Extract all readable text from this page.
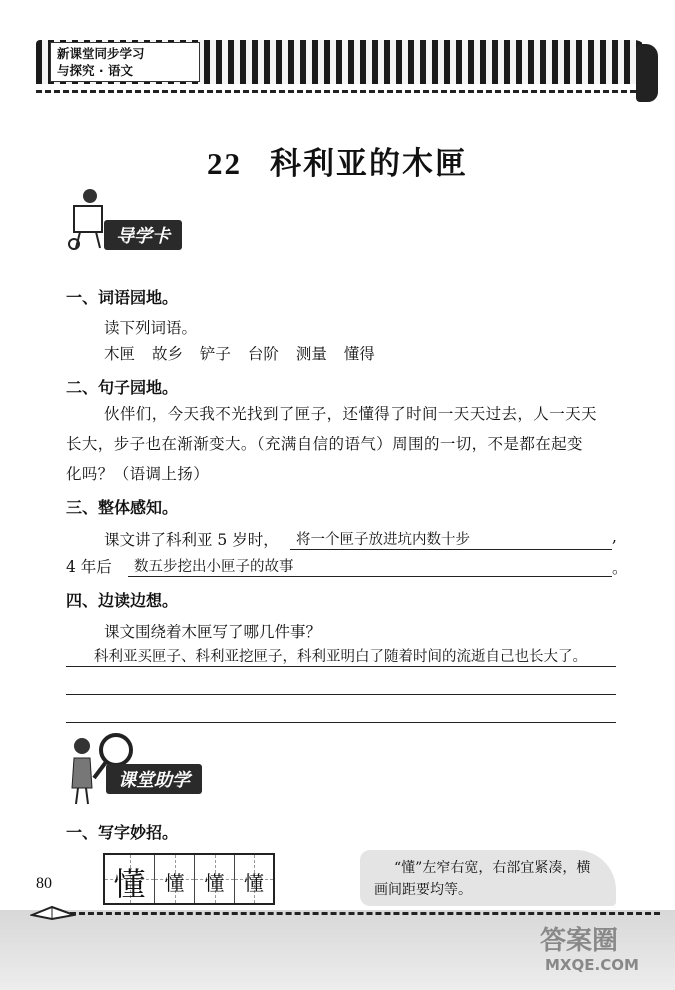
新课堂同步学习
与探究 · 语文
22 科利亚的木匣
导学卡
一、词语园地。
读下列词语。
木匣 故乡 铲子 台阶 测量 懂得
二、句子园地。
伙伴们，今天我不光找到了匣子，还懂得了时间一天天过去，人一天天
长大，步子也在渐渐变大。（充满自信的语气）周围的一切，不是都在起变
化吗？（语调上扬）
三、整体感知。
课文讲了科利亚 5 岁时，	将一个匣子放进坑内数十步	,
4 年后	数五步挖出小匣子的故事	。
四、边读边想。
课文围绕着木匣写了哪几件事？
科利亚买匣子、科利亚挖匣子，科利亚明白了随着时间的流逝自己也长大了。
课堂助学
一、写字妙招。
懂 懂	懂 懂
“懂”左窄右宽，右部宜紧凑，横
画间距要均等。
80
答案圈
MXQE.COM
